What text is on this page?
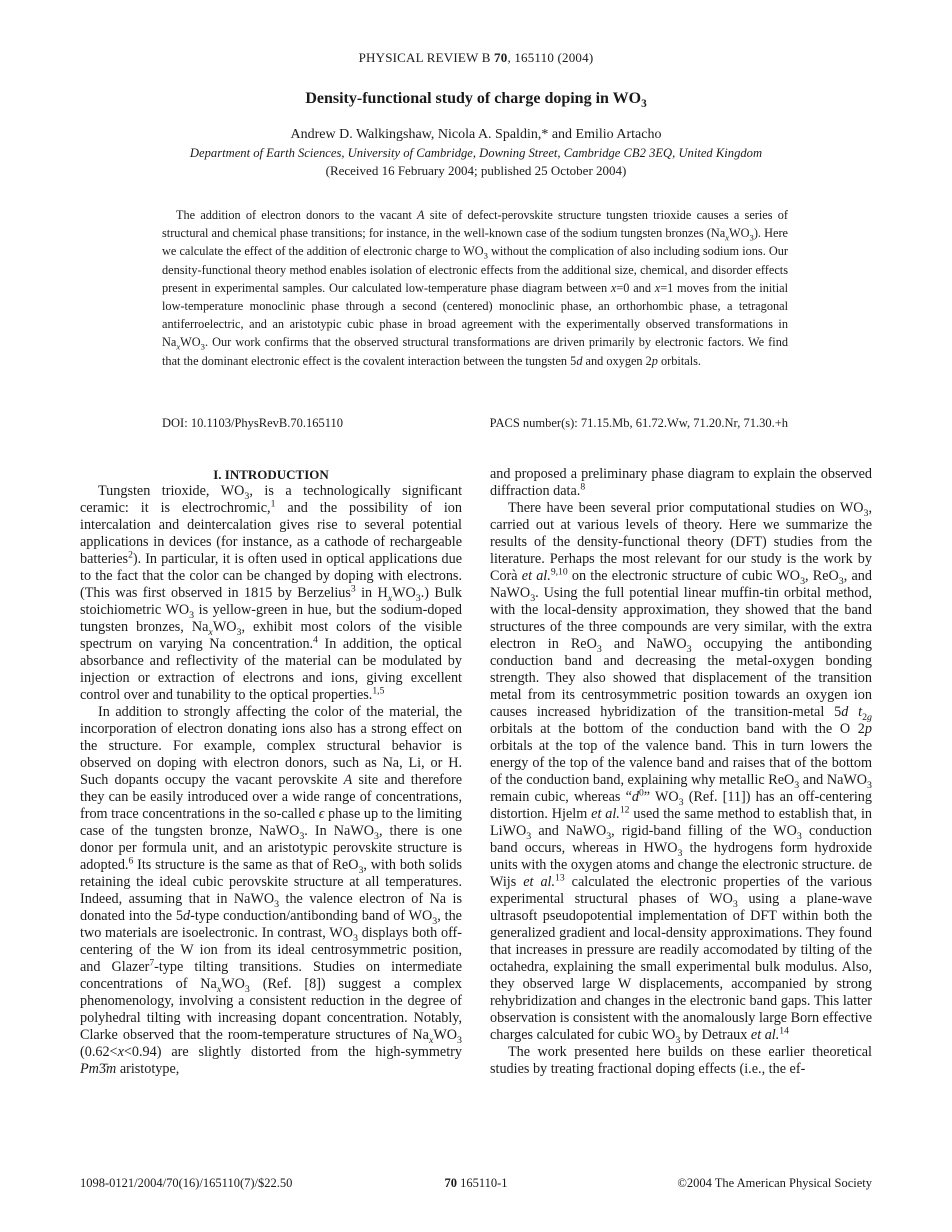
PHYSICAL REVIEW B 70, 165110 (2004)
Density-functional study of charge doping in $WO_3$
Andrew D. Walkingshaw, Nicola A. Spaldin,* and Emilio Artacho
Department of Earth Sciences, University of Cambridge, Downing Street, Cambridge CB2 3EQ, United Kingdom
(Received 16 February 2004; published 25 October 2004)
The addition of electron donors to the vacant A site of defect-perovskite structure tungsten trioxide causes a series of structural and chemical phase transitions; for instance, in the well-known case of the sodium tungsten bronzes $(Na_xWO_3)$. Here we calculate the effect of the addition of electronic charge to $WO_3$ without the complication of also including sodium ions. Our density-functional theory method enables isolation of electronic effects from the additional size, chemical, and disorder effects present in experimental samples. Our calculated low-temperature phase diagram between x=0 and x=1 moves from the initial low-temperature monoclinic phase through a second (centered) monoclinic phase, an orthorhombic phase, a tetragonal antiferroelectric, and an aristotypic cubic phase in broad agreement with the experimentally observed transformations in $Na_xWO_3$. Our work confirms that the observed structural transformations are driven primarily by electronic factors. We find that the dominant electronic effect is the covalent interaction between the tungsten 5d and oxygen 2p orbitals.
DOI: 10.1103/PhysRevB.70.165110	PACS number(s): 71.15.Mb, 61.72.Ww, 71.20.Nr, 71.30.+h

I. INTRODUCTION

Tungsten trioxide, $WO_3$, is a technologically significant ceramic: it is electrochromic,$^1$ and the possibility of ion intercalation and deintercalation gives rise to several potential applications in devices (for instance, as a cathode of rechargeable batteries$^2$). In particular, it is often used in optical applications due to the fact that the color can be changed by doping with electrons. (This was first observed in 1815 by Berzelius$^3$ in $H_xWO_3$.) Bulk stoichiometric $WO_3$ is yellow-green in hue, but the sodium-doped tungsten bronzes, $Na_xWO_3$, exhibit most colors of the visible spectrum on varying Na concentration.$^4$ In addition, the optical absorbance and reflectivity of the material can be modulated by injection or extraction of electrons and ions, giving excellent control over and tunability to the optical properties.$^{1,5}$

In addition to strongly affecting the color of the material, the incorporation of electron donating ions also has a strong effect on the structure. For example, complex structural behavior is observed on doping with electron donors, such as Na, Li, or H. Such dopants occupy the vacant perovskite A site and therefore they can be easily introduced over a wide range of concentrations, from trace concentrations in the so-called ϵ phase up to the limiting case of the tungsten bronze, NaWO$_3$. In NaWO$_3$, there is one donor per formula unit, and an aristotypic perovskite structure is adopted.$^6$ Its structure is the same as that of ReO$_3$, with both solids retaining the ideal cubic perovskite structure at all temperatures. Indeed, assuming that in NaWO$_3$ the valence electron of Na is donated into the 5d-type conduction/antibonding band of $WO_3$, the two materials are isoelectronic. In contrast, $WO_3$ displays both off-centering of the W ion from its ideal centrosymmetric position, and Glazer$^7$-type tilting transitions. Studies on intermediate concentrations of $Na_xWO_3$ (Ref. [8]) suggest a complex phenomenology, involving a consistent reduction in the degree of polyhedral tilting with increasing dopant concentration. Notably, Clarke observed that the room-temperature structures of $Na_xWO_3$ (0.62<x<0.94) are slightly distorted from the high-symmetry Pm3̄m aristotype,

and proposed a preliminary phase diagram to explain the observed diffraction data.$^8$

There have been several prior computational studies on $WO_3$, carried out at various levels of theory. Here we summarize the results of the density-functional theory (DFT) studies from the literature. Perhaps the most relevant for our study is the work by Corà et al.$^{9,10}$ on the electronic structure of cubic $WO_3$, ReO$_3$, and NaWO$_3$. Using the full potential linear muffin-tin orbital method, with the local-density approximation, they showed that the band structures of the three compounds are very similar, with the extra electron in ReO$_3$ and NaWO$_3$ occupying the antibonding conduction band and decreasing the metal-oxygen bonding strength. They also showed that displacement of the transition metal from its centrosymmetric position towards an oxygen ion causes increased hybridization of the transition-metal 5d $t_{2g}$ orbitals at the bottom of the conduction band with the O 2p orbitals at the top of the valence band. This in turn lowers the energy of the top of the valence band and raises that of the bottom of the conduction band, explaining why metallic ReO$_3$ and NaWO$_3$ remain cubic, whereas “$d^0$” $WO_3$ (Ref. [11]) has an off-centering distortion. Hjelm et al.$^{12}$ used the same method to establish that, in LiWO$_3$ and NaWO$_3$, rigid-band filling of the $WO_3$ conduction band occurs, whereas in $HWO_3$ the hydrogens form hydroxide units with the oxygen atoms and change the electronic structure. de Wijs et al.$^{13}$ calculated the electronic properties of the various experimental structural phases of $WO_3$ using a plane-wave ultrasoft pseudopotential implementation of DFT within both the generalized gradient and local-density approximations. They found that increases in pressure are readily accomodated by tilting of the octahedra, explaining the small experimental bulk modulus. Also, they observed large W displacements, accompanied by strong rehybridization and changes in the electronic band gaps. This latter observation is consistent with the anomalously large Born effective charges calculated for cubic $WO_3$ by Detraux et al.$^{14}$

The work presented here builds on these earlier theoretical studies by treating fractional doping effects (i.e., the ef-

1098-0121/2004/70(16)/165110(7)/$22.50	70 165110-1	©2004 The American Physical Society
